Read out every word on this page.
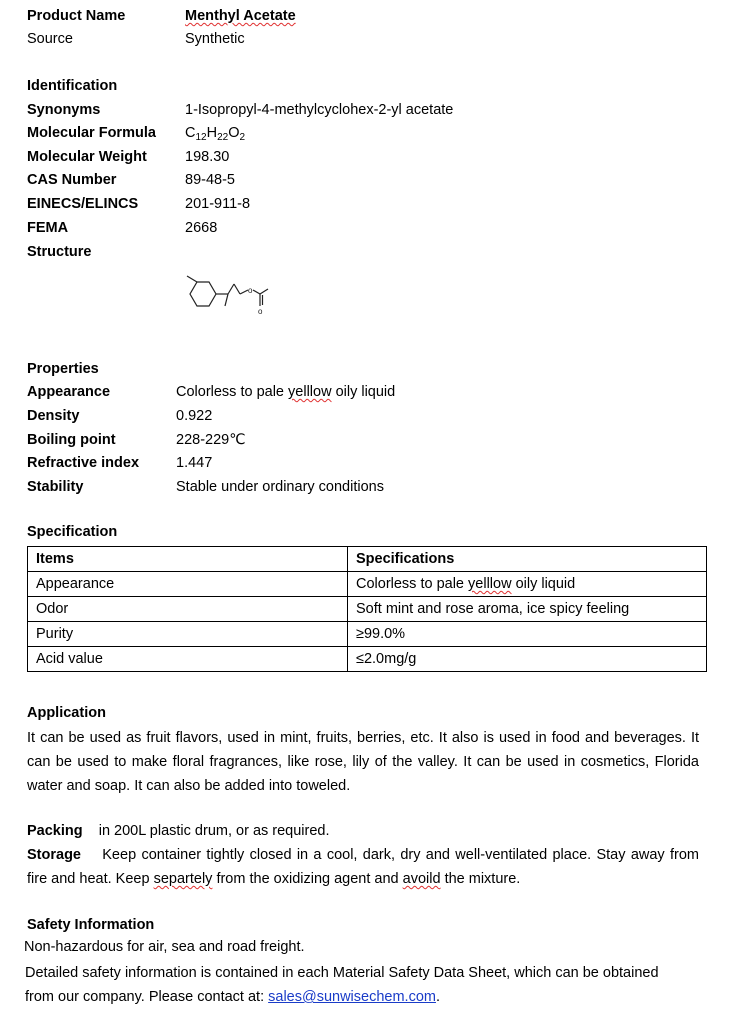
Product Name	Menthyl Acetate
Source	Synthetic
Identification
Synonyms	1-Isopropyl-4-methylcyclohex-2-yl acetate
Molecular Formula $C_{12}H_{22}O_2$
Molecular Weight	198.30
CAS Number	89-48-5
EINECS/ELINCS	201-911-8
FEMA	2668
Structure
o
o
Properties
Appearance	Colorless to pale yelllow oily liquid
Density	0.922
Boiling point	228-229℃
Refractive index	1.447
Stability	Stable under ordinary conditions
Specification
Items	Specifications
Appearance	Colorless to pale yelllow oily liquid
Odor	Soft mint and rose aroma, ice spicy feeling
Purity	≥99.0%
Acid value	≤2.0mg/g
Application
It can be used as fruit flavors, used in mint, fruits, berries, etc. It also is used in food and beverages. It can be used to make floral fragrances, like rose, lily of the valley. It can be used in cosmetics, Florida water and soap. It can also be added into toweled.
Packing in 200L plastic drum, or as required.
Storage Keep container tightly closed in a cool, dark, dry and well-ventilated place. Stay away from fire and heat. Keep separtely from the oxidizing agent and avoild the mixture.
Safety Information
Non-hazardous for air, sea and road freight.
Detailed safety information is contained in each Material Safety Data Sheet, which can be obtained from our company. Please contact at: sales@sunwisechem.com.
